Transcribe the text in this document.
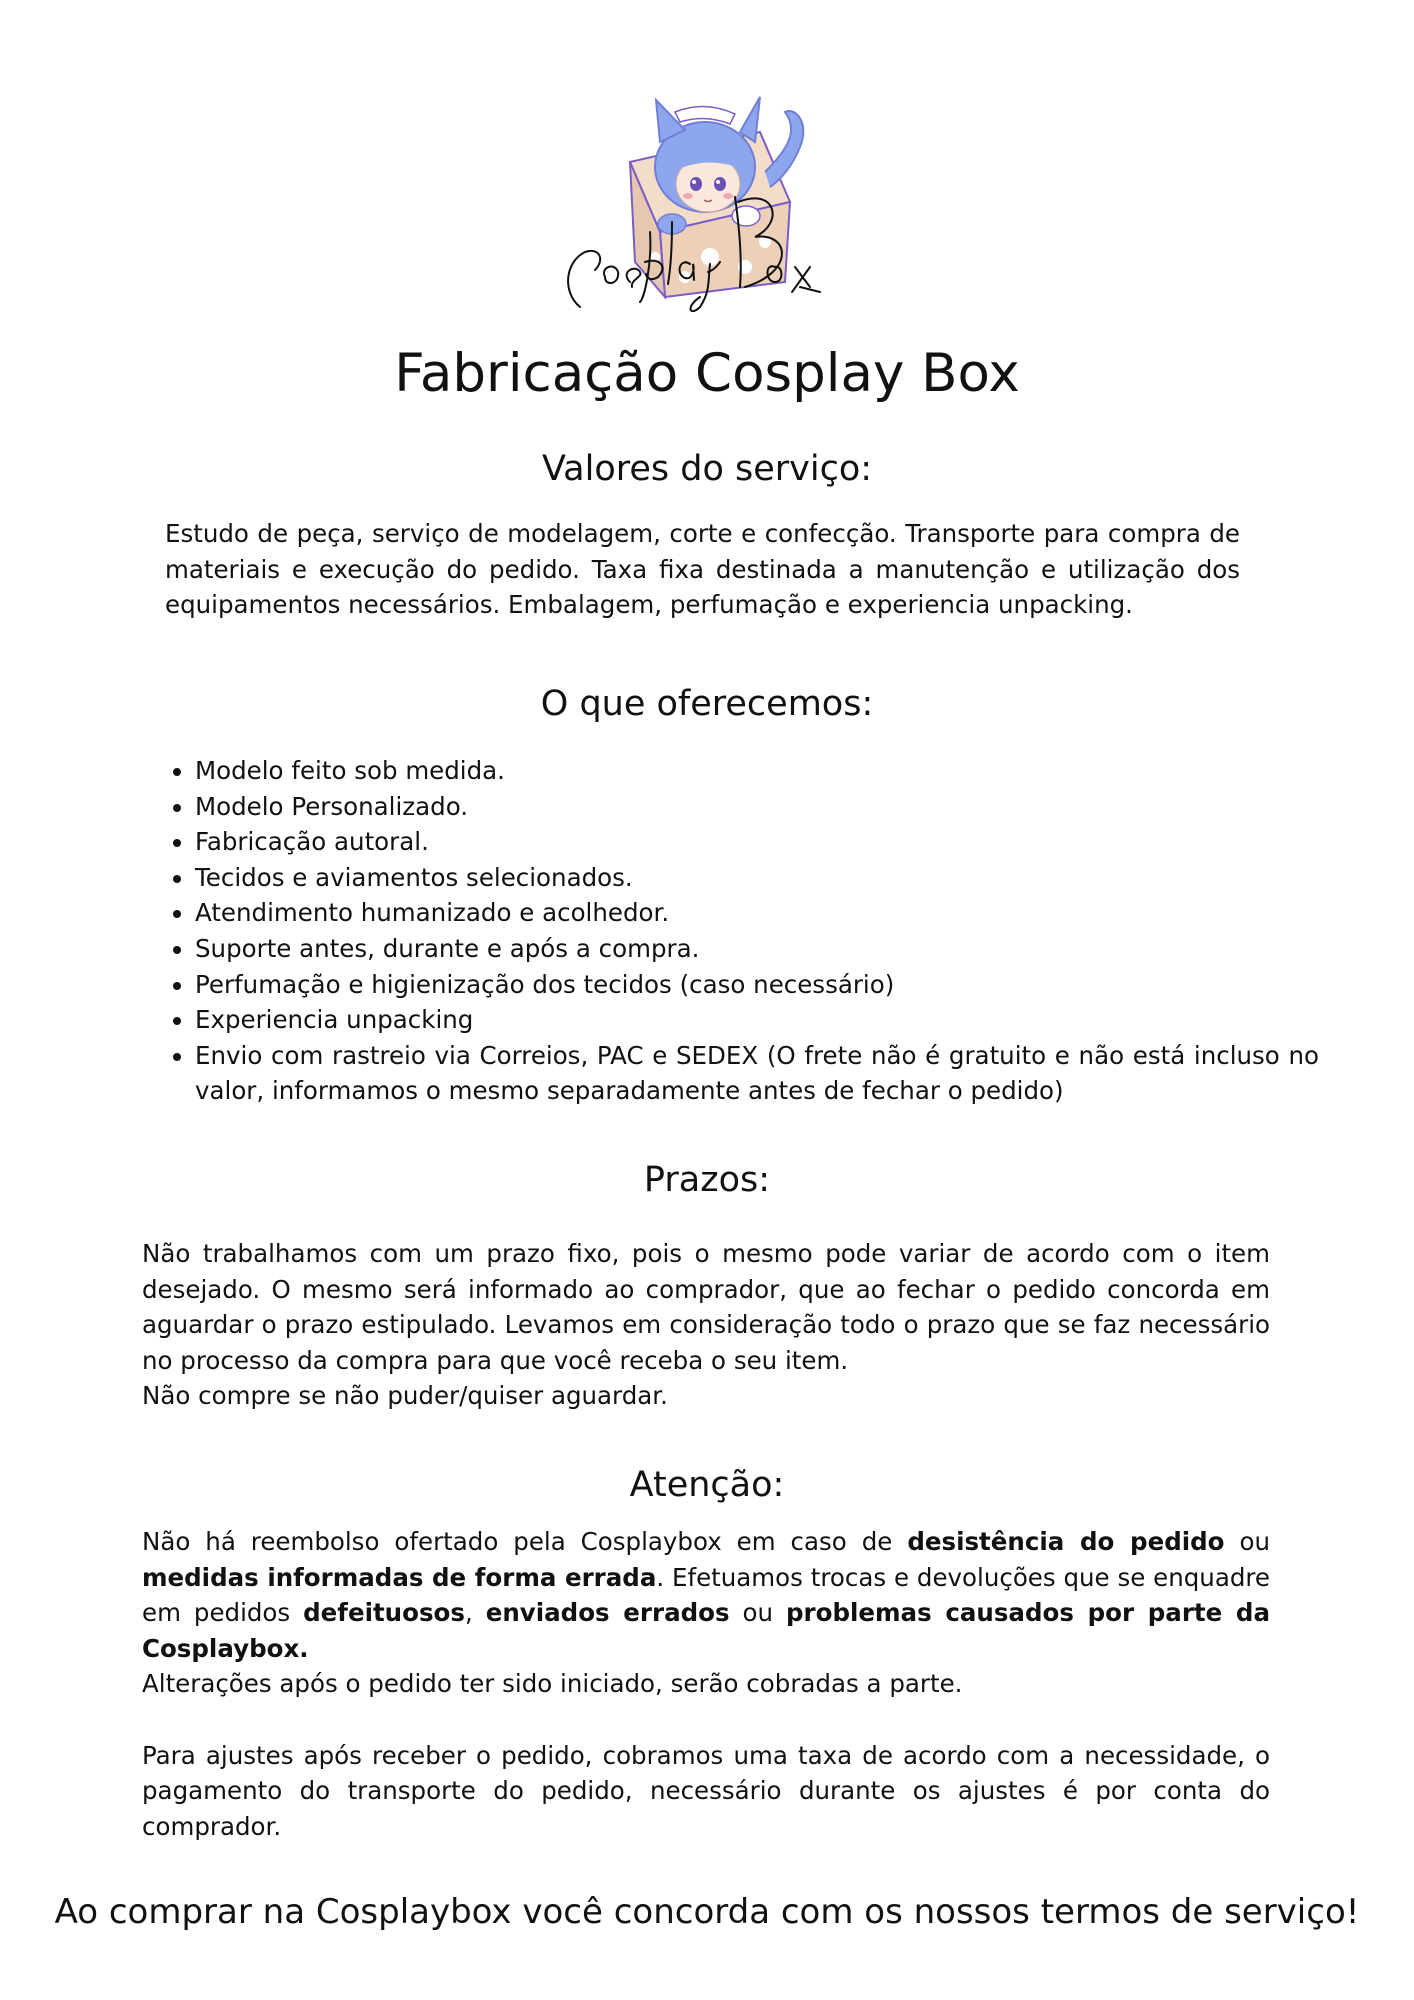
Fabricação Cosplay Box
Valores do serviço:

Estudo de peça, serviço de modelagem, corte e confecção. Transporte para compra de materiais e execução do pedido. Taxa fixa destinada a manutenção e utilização dos equipamentos necessários. Embalagem, perfumação e experiencia unpacking.

O que oferecemos:
• Modelo feito sob medida.
• Modelo Personalizado.
• Fabricação autoral.
• Tecidos e aviamentos selecionados.
• Atendimento humanizado e acolhedor.
• Suporte antes, durante e após a compra.
• Perfumação e higienização dos tecidos (caso necessário)
• Experiencia unpacking
• Envio com rastreio via Correios, PAC e SEDEX (O frete não é gratuito e não está incluso no valor, informamos o mesmo separadamente antes de fechar o pedido)
Prazos:
Não trabalhamos com um prazo fixo, pois o mesmo pode variar de acordo com o item desejado. O mesmo será informado ao comprador, que ao fechar o pedido concorda em aguardar o prazo estipulado. Levamos em consideração todo o prazo que se faz necessário no processo da compra para que você receba o seu item.
Não compre se não puder/quiser aguardar.
Atenção:
Não há reembolso ofertado pela Cosplaybox em caso de desistência do pedido ou medidas informadas de forma errada. Efetuamos trocas e devoluções que se enquadre em pedidos defeituosos, enviados errados ou problemas causados por parte da Cosplaybox.
Alterações após o pedido ter sido iniciado, serão cobradas a parte.
Para ajustes após receber o pedido, cobramos uma taxa de acordo com a necessidade, o pagamento do transporte do pedido, necessário durante os ajustes é por conta do comprador.

Ao comprar na Cosplaybox você concorda com os nossos termos de serviço!
